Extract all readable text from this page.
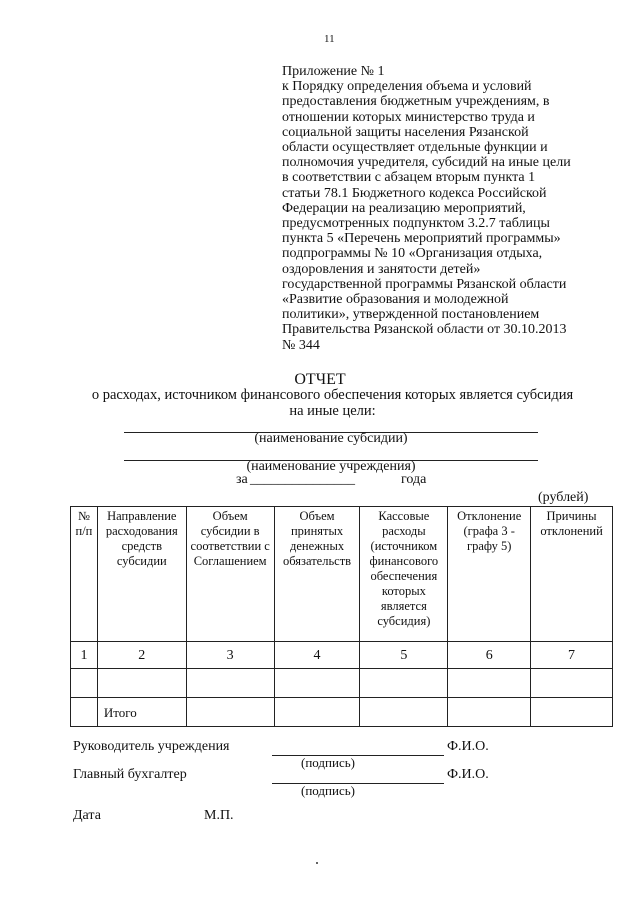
11
Приложение № 1
к Порядку определения объема и условий
предоставления бюджетным учреждениям, в
отношении которых министерство труда и
социальной защиты населения Рязанской
области осуществляет отдельные функции и
полномочия учредителя, субсидий на иные цели
в соответствии с абзацем вторым пункта 1
статьи 78.1 Бюджетного кодекса Российской
Федерации на реализацию мероприятий,
предусмотренных подпунктом 3.2.7 таблицы
пункта 5 «Перечень мероприятий программы»
подпрограммы № 10 «Организация отдыха,
оздоровления и занятости детей»
государственной программы Рязанской области
«Развитие образования и молодежной
политики», утвержденной постановлением
Правительства Рязанской области от 30.10.2013
№ 344
ОТЧЕТ
о расходах, источником финансового обеспечения которых является субсидия
на иные цели:
(наименование субсидии)
(наименование учреждения)
за _______________	года
(рублей)
№ п/п	Направление расходования средств субсидии	Объем субсидии в соответствии с Соглашением	Объем принятых денежных обязательств	Кассовые расходы (источником финансового обеспечения которых является субсидия)	Отклонение (графа 3 - графу 5)	Причины отклонений
1	2	3	4	5	6	7

	Итого					
Руководитель учреждения	Ф.И.О.
(подпись)
Главный бухгалтер	Ф.И.О.
(подпись)
Дата	М.П.
